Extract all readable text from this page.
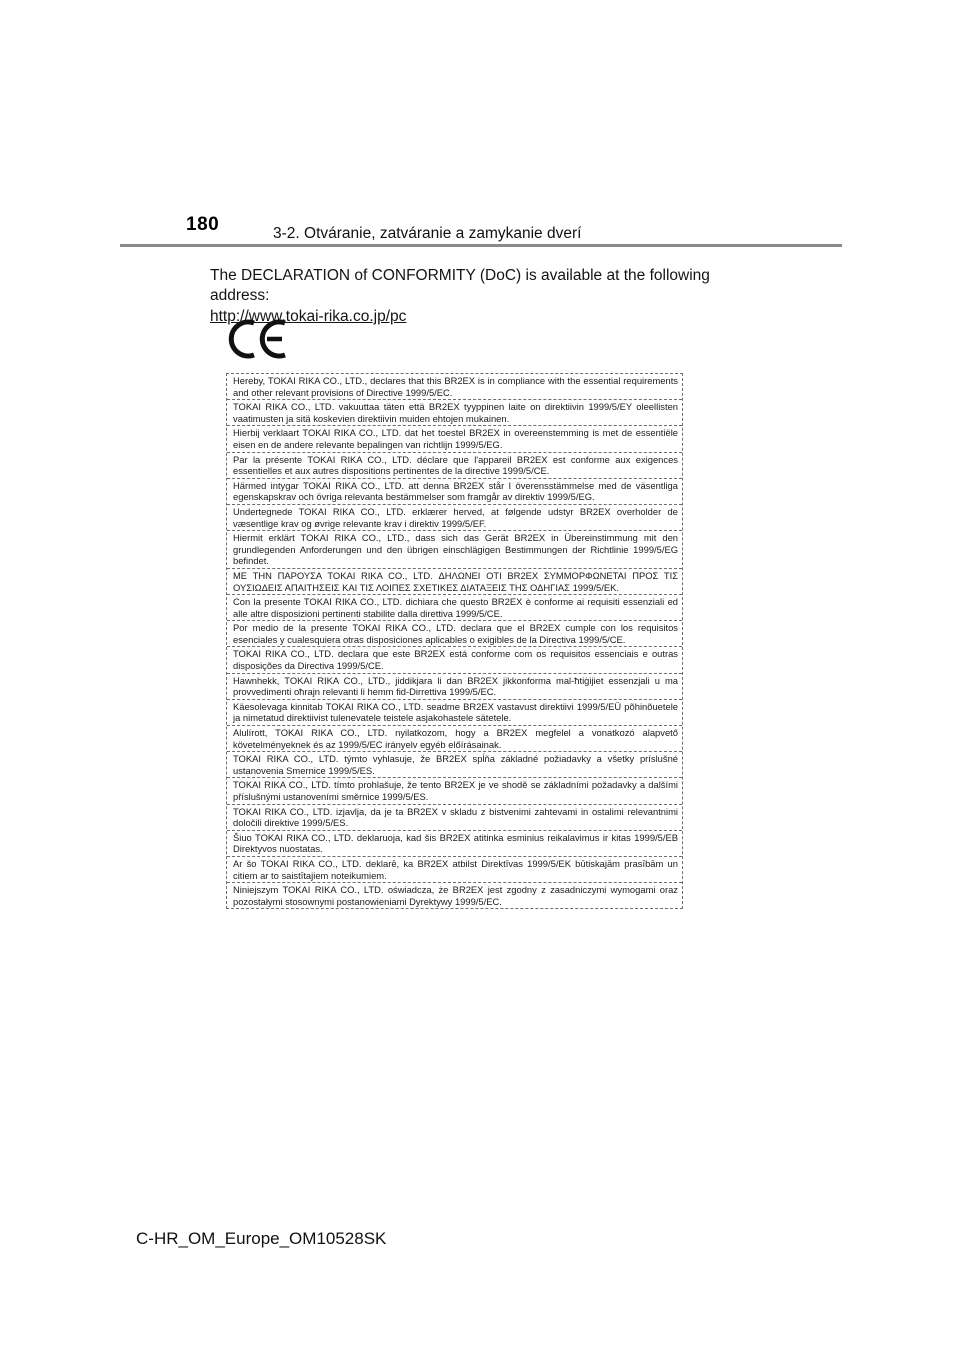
180	3-2. Otváranie, zatváranie a zamykanie dverí

The DECLARATION of CONFORMITY (DoC) is available at the following address:

http://www.tokai-rika.co.jp/pc
Hereby, TOKAI RIKA CO., LTD., declares that this BR2EX is in compliance with the essential requirements and other relevant provisions of Directive 1999/5/EC.
TOKAI RIKA CO., LTD. vakuuttaa täten että BR2EX tyyppinen laite on direktiivin 1999/5/EY oleellisten vaatimusten ja sitä koskevien direktiivin muiden ehtojen mukainen.
Hierbij verklaart TOKAI RIKA CO., LTD. dat het toestel BR2EX in overeenstemming is met de essentiële eisen en de andere relevante bepalingen van richtlijn 1999/5/EG.
Par la présente TOKAI RIKA CO., LTD. déclare que l'appareil BR2EX est conforme aux exigences essentielles et aux autres dispositions pertinentes de la directive 1999/5/CE.
Härmed intygar TOKAI RIKA CO., LTD. att denna BR2EX står I överensstämmelse med de väsentliga egenskapskrav och övriga relevanta bestämmelser som framgår av direktiv 1999/5/EG.
Undertegnede TOKAI RIKA CO., LTD. erklærer herved, at følgende udstyr BR2EX overholder de væsentlige krav og øvrige relevante krav i direktiv 1999/5/EF.
Hiermit erklärt TOKAI RIKA CO., LTD., dass sich das Gerät BR2EX in Übereinstimmung mit den grundlegenden Anforderungen und den übrigen einschlägigen Bestimmungen der Richtlinie 1999/5/EG befindet.
ΜΕ ΤΗΝ ΠΑΡΟΥΣΑ TOKAI RIKA CO., LTD. ΔΗΛΩΝΕΙ ΟΤΙ BR2EX ΣΥΜΜΟΡΦΩΝΕΤΑΙ ΠΡΟΣ ΤΙΣ ΟΥΣΙΩΔΕΙΣ ΑΠΑΙΤΗΣΕΙΣ ΚΑΙ ΤΙΣ ΛΟΙΠΕΣ ΣΧΕΤΙΚΕΣ ΔΙΑΤΑΞΕΙΣ ΤΗΣ ΟΔΗΓΙΑΣ 1999/5/ΕΚ.
Con la presente TOKAI RIKA CO., LTD. dichiara che questo BR2EX è conforme ai requisiti essenziali ed alle altre disposizioni pertinenti stabilite dalla direttiva 1999/5/CE.
Por medio de la presente TOKAI RIKA CO., LTD. declara que el BR2EX cumple con los requisitos esenciales y cualesquiera otras disposiciones aplicables o exigibles de la Directiva 1999/5/CE.
TOKAI RIKA CO., LTD. declara que este BR2EX está conforme com os requisitos essenciais e outras disposições da Directiva 1999/5/CE.
Hawnhekk, TOKAI RIKA CO., LTD., jiddikjara li dan BR2EX jikkonforma mal-ħtiġijiet essenzjali u ma provvedimenti oħrajn relevanti li hemm fid-Dirrettiva 1999/5/EC.
Käesolevaga kinnitab TOKAI RIKA CO., LTD. seadme BR2EX vastavust direktiivi 1999/5/EÜ põhinõuetele ja nimetatud direktiivist tulenevatele teistele asjakohastele sätetele.
Alulírott, TOKAI RIKA CO., LTD. nyilatkozom, hogy a BR2EX megfelel a vonatkozó alapvető követelményeknek és az 1999/5/EC irányelv egyéb előírásainak.
TOKAI RIKA CO., LTD. týmto vyhlasuje, že BR2EX spĺňa základné požiadavky a všetky príslušné ustanovenia Smernice 1999/5/ES.
TOKAI RIKA CO., LTD. tímto prohlašuje, že tento BR2EX je ve shodě se základními požadavky a dalšími příslušnými ustanoveními směrnice 1999/5/ES.
TOKAI RIKA CO., LTD. izjavlja, da je ta BR2EX v skladu z bistvenimi zahtevami in ostalimi relevantnimi določili direktive 1999/5/ES.
Šiuo TOKAI RIKA CO., LTD. deklaruoja, kad šis BR2EX atitinka esminius reikalavimus ir kitas 1999/5/EB Direktyvos nuostatas.
Ar šo TOKAI RIKA CO., LTD. deklarē, ka BR2EX atbilst Direktīvas 1999/5/EK būtiskajām prasībām un citiem ar to saistītajiem noteikumiem.
Niniejszym TOKAI RIKA CO., LTD. oświadcza, że BR2EX jest zgodny z zasadniczymi wymogami oraz pozostałymi stosownymi postanowieniami Dyrektywy 1999/5/EC.
C-HR_OM_Europe_OM10528SK
